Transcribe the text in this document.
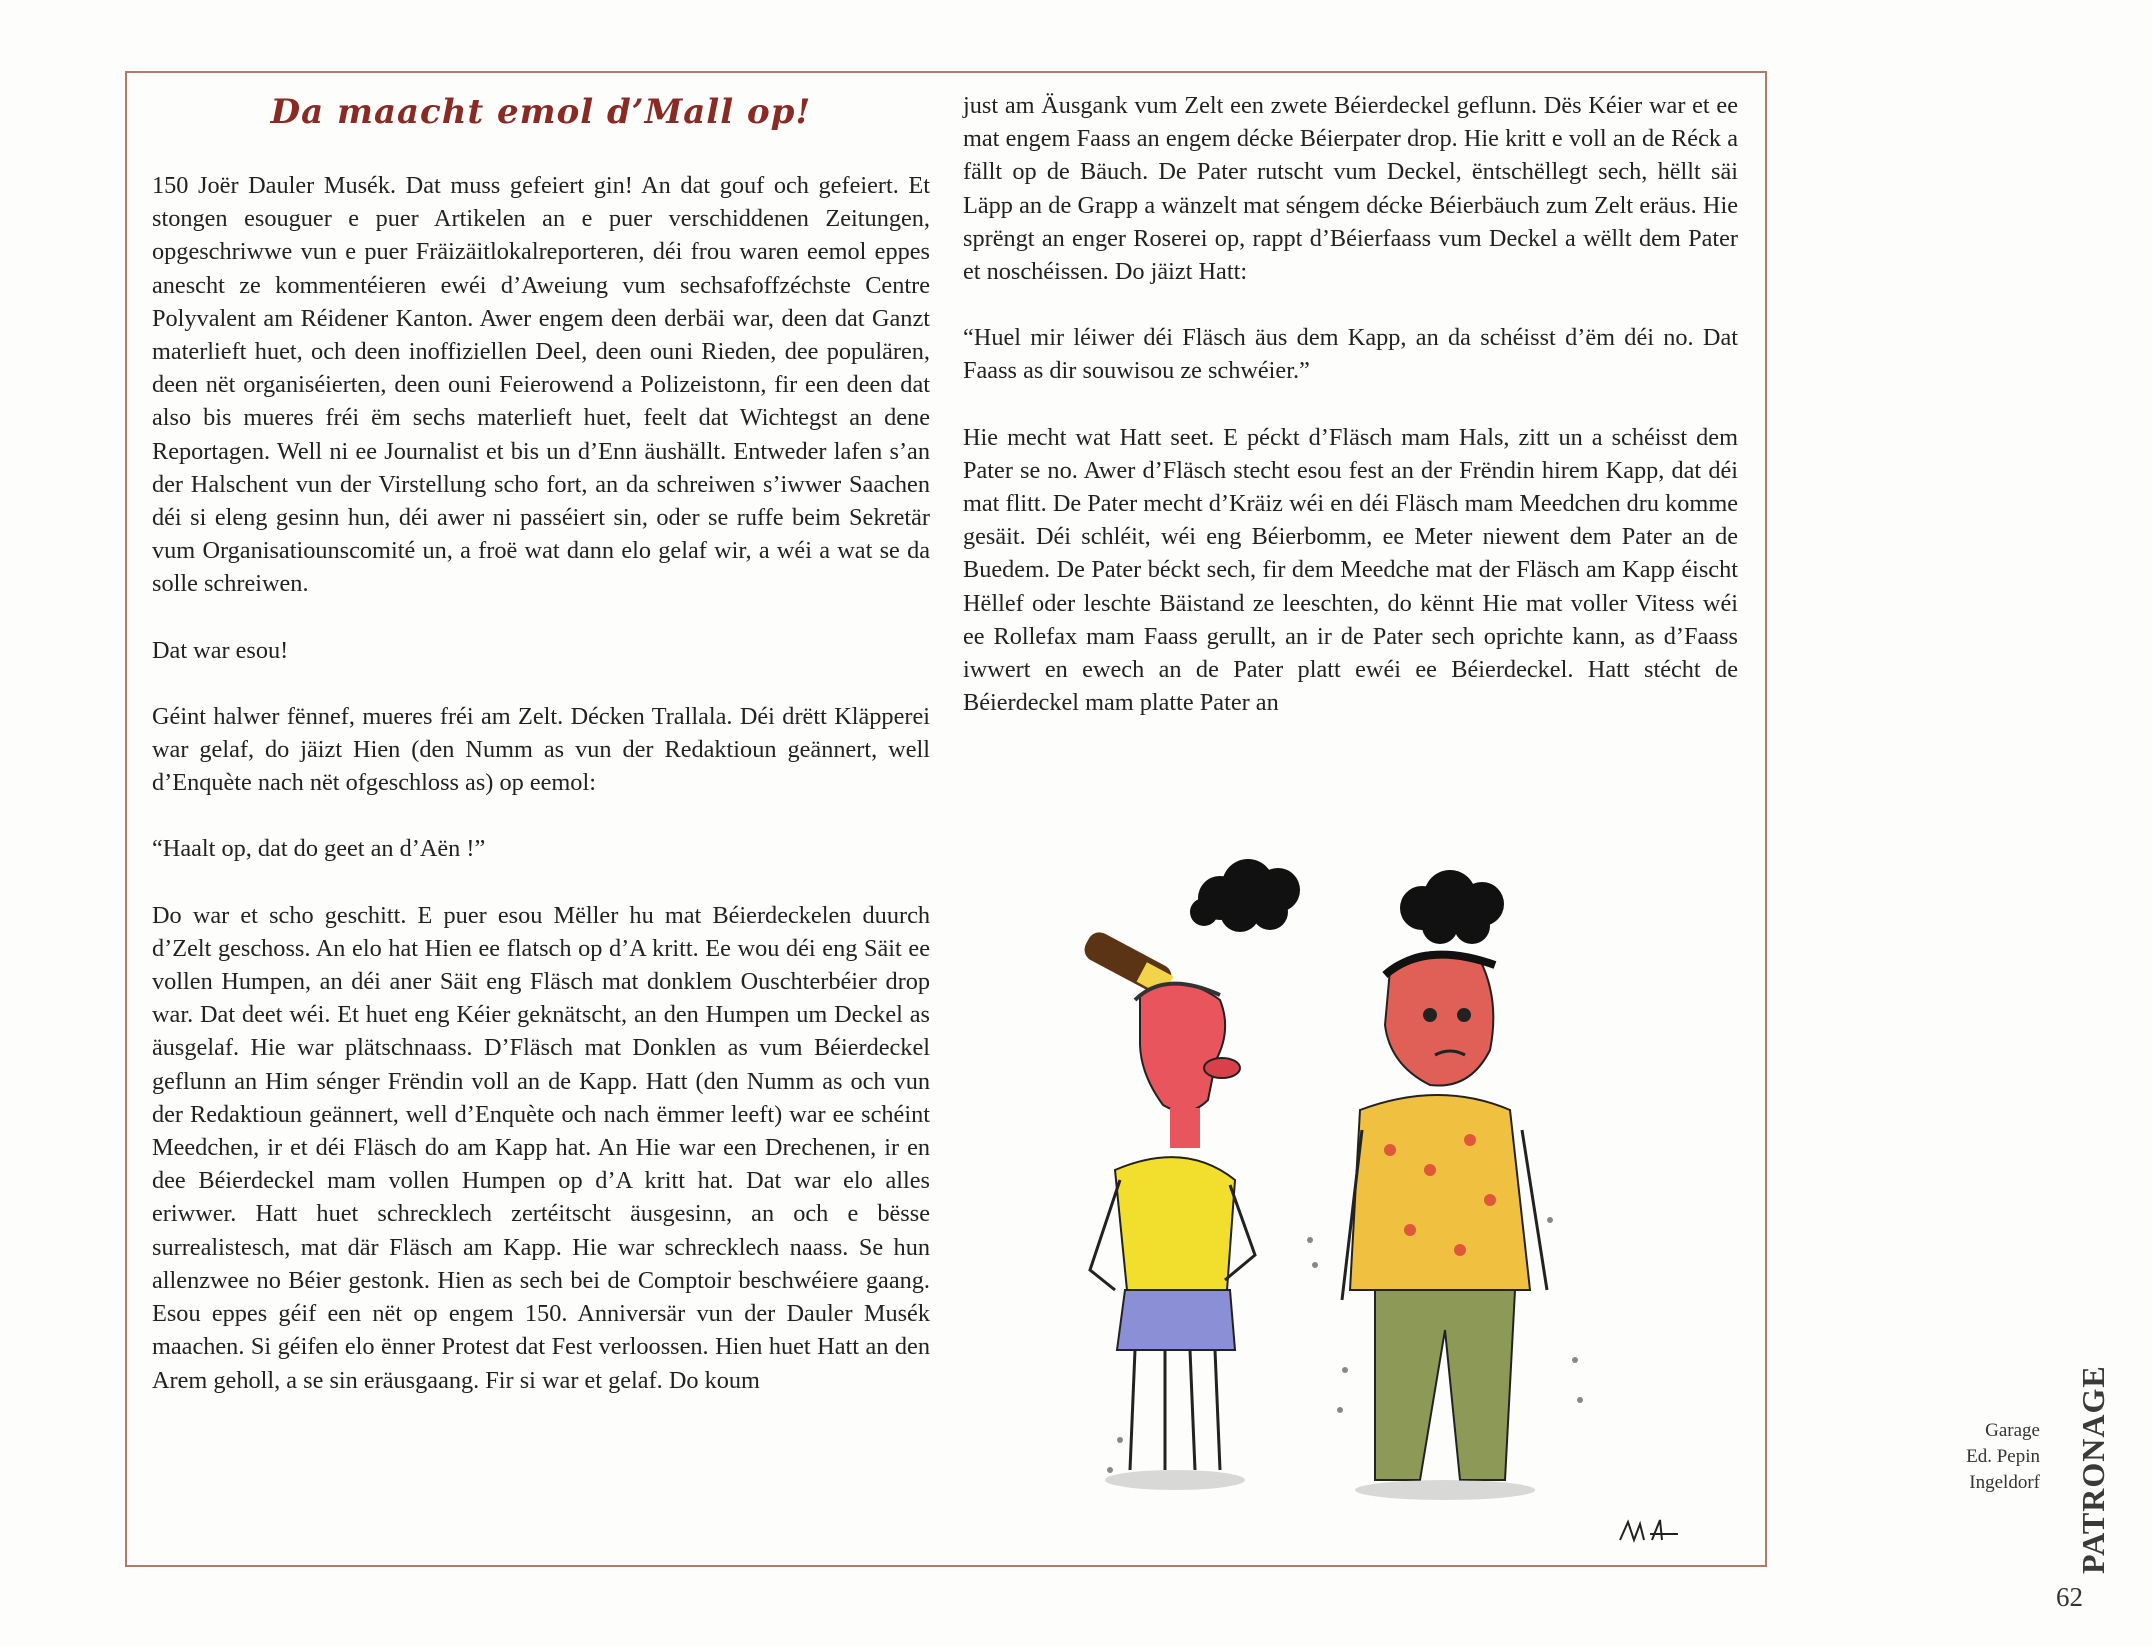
Da maacht emol d’Mall op!

150 Joër Dauler Musék. Dat muss gefeiert gin! An dat gouf och gefeiert. Et stongen esouguer e puer Artikelen an e puer verschiddenen Zeitungen, opgeschriwwe vun e puer Fräizäitlokalreporteren, déi frou waren eemol eppes anescht ze kommentéieren ewéi d’Aweiung vum sechsafoffzéchste Centre Polyvalent am Réidener Kanton. Awer engem deen derbäi war, deen dat Ganzt materlieft huet, och deen inoffiziellen Deel, deen ouni Rieden, dee populären, deen nët organiséierten, deen ouni Feierowend a Polizeistonn, fir een deen dat also bis mueres fréi ëm sechs materlieft huet, feelt dat Wichtegst an dene Reportagen. Well ni ee Journalist et bis un d’Enn äushällt. Entweder lafen s’an der Halschent vun der Virstellung scho fort, an da schreiwen s’iwwer Saachen déi si eleng gesinn hun, déi awer ni passéiert sin, oder se ruffe beim Sekretär vum Organisatiounscomité un, a froë wat dann elo gelaf wir, a wéi a wat se da solle schreiwen.

Dat war esou!

Géint halwer fënnef, mueres fréi am Zelt. Décken Trallala. Déi drëtt Kläpperei war gelaf, do jäizt Hien (den Numm as vun der Redaktioun geännert, well d’Enquète nach nët ofgeschloss as) op eemol:

“Haalt op, dat do geet an d’Aën !”

Do war et scho geschitt. E puer esou Mëller hu mat Béierdeckelen duurch d’Zelt geschoss. An elo hat Hien ee flatsch op d’A kritt. Ee wou déi eng Säit ee vollen Humpen, an déi aner Säit eng Fläsch mat donklem Ouschterbéier drop war. Dat deet wéi. Et huet eng Kéier geknätscht, an den Humpen um Deckel as äusgelaf. Hie war plätschnaass. D’Fläsch mat Donklen as vum Béierdeckel geflunn an Him sénger Frëndin voll an de Kapp. Hatt (den Numm as och vun der Redaktioun geännert, well d’Enquète och nach ëmmer leeft) war ee schéint Meedchen, ir et déi Fläsch do am Kapp hat. An Hie war een Drechenen, ir en dee Béierdeckel mam vollen Humpen op d’A kritt hat. Dat war elo alles eriwwer. Hatt huet schrecklech zertéitscht äusgesinn, an och e bësse surrealistesch, mat där Fläsch am Kapp. Hie war schrecklech naass. Se hun allenzwee no Béier gestonk. Hien as sech bei de Comptoir beschwéiere gaang. Esou eppes géif een nët op engem 150. Anniversär vun der Dauler Musék maachen. Si géifen elo ënner Protest dat Fest verloossen. Hien huet Hatt an den Arem geholl, a se sin eräusgaang. Fir si war et gelaf. Do koum

just am Äusgank vum Zelt een zwete Béierdeckel geflunn. Dës Kéier war et ee mat engem Faass an engem décke Béierpater drop. Hie kritt e voll an de Réck a fällt op de Bäuch. De Pater rutscht vum Deckel, ëntschëllegt sech, hëllt säi Läpp an de Grapp a wänzelt mat séngem décke Béierbäuch zum Zelt eräus. Hie sprëngt an enger Roserei op, rappt d’Béierfaass vum Deckel a wëllt dem Pater et noschéissen. Do jäizt Hatt:

“Huel mir léiwer déi Fläsch äus dem Kapp, an da schéisst d’ëm déi no. Dat Faass as dir souwisou ze schwéier.”

Hie mecht wat Hatt seet. E péckt d’Fläsch mam Hals, zitt un a schéisst dem Pater se no. Awer d’Fläsch stecht esou fest an der Frëndin hirem Kapp, dat déi mat flitt. De Pater mecht d’Kräiz wéi en déi Fläsch mam Meedchen dru komme gesäit. Déi schléit, wéi eng Béierbomm, ee Meter niewent dem Pater an de Buedem. De Pater béckt sech, fir dem Meedche mat der Fläsch am Kapp éischt Hëllef oder leschte Bäistand ze leeschten, do kënnt Hie mat voller Vitess wéi ee Rollefax mam Faass gerullt, an ir de Pater sech oprichte kann, as d’Faass iwwert en ewech an de Pater platt ewéi ee Béierdeckel. Hatt stécht de Béierdeckel mam platte Pater an

Garage
Ed. Pepin
Ingeldorf PATRONAGE
62
